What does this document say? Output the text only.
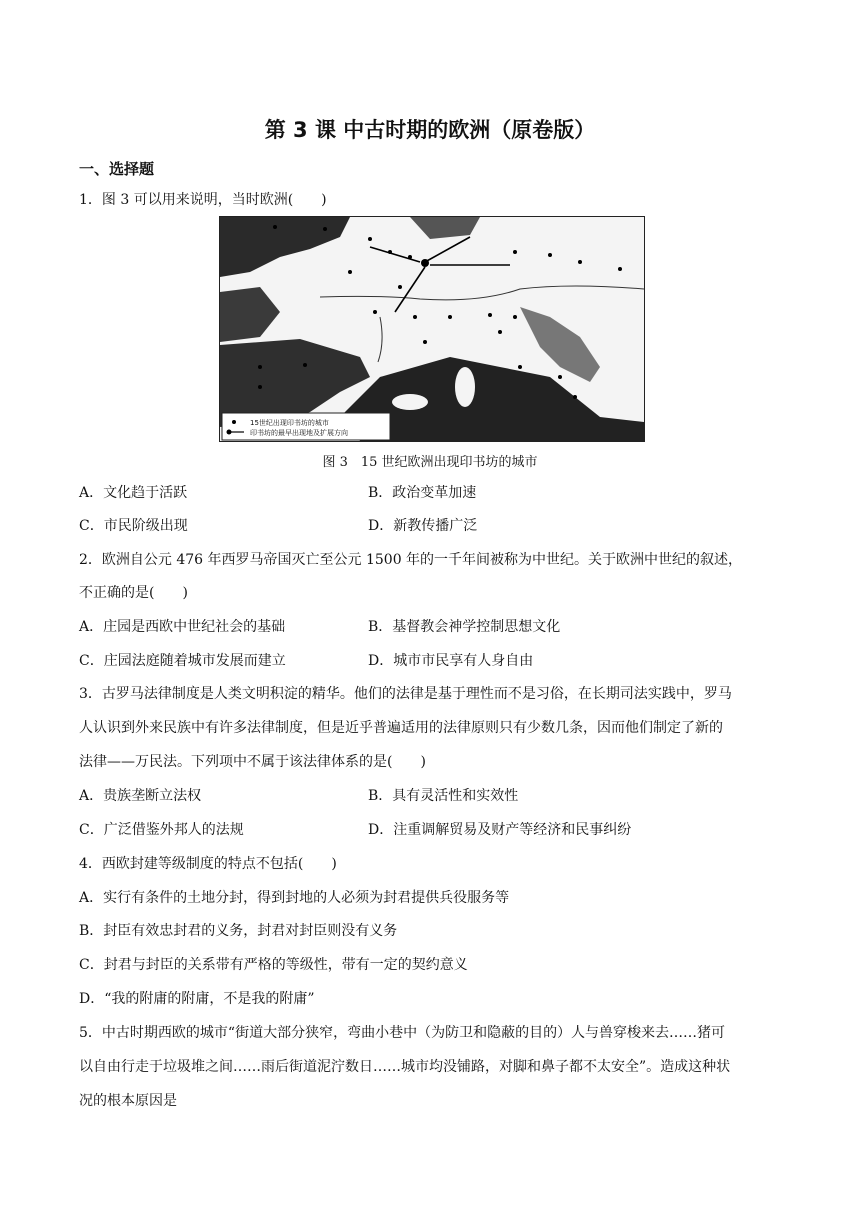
第 3 课 中古时期的欧洲（原卷版）
一、选择题
1．图 3 可以用来说明，当时欧洲(　　)
15世纪出现印书坊的城市
印书坊的最早出现地及扩展方向
图 3　15 世纪欧洲出现印书坊的城市
A．文化趋于活跃	B．政治变革加速
C．市民阶级出现	D．新教传播广泛
2．欧洲自公元 476 年西罗马帝国灭亡至公元 1500 年的一千年间被称为中世纪。关于欧洲中世纪的叙述，
不正确的是(　　)
A．庄园是西欧中世纪社会的基础	B．基督教会神学控制思想文化
C．庄园法庭随着城市发展而建立	D．城市市民享有人身自由
3．古罗马法律制度是人类文明积淀的精华。他们的法律是基于理性而不是习俗，在长期司法实践中，罗马
人认识到外来民族中有许多法律制度，但是近乎普遍适用的法律原则只有少数几条，因而他们制定了新的
法律——万民法。下列项中不属于该法律体系的是(　　)
A．贵族垄断立法权	B．具有灵活性和实效性
C．广泛借鉴外邦人的法规	D．注重调解贸易及财产等经济和民事纠纷
4．西欧封建等级制度的特点不包括(　　)
A．实行有条件的土地分封，得到封地的人必须为封君提供兵役服务等
B．封臣有效忠封君的义务，封君对封臣则没有义务
C．封君与封臣的关系带有严格的等级性，带有一定的契约意义
D．“我的附庸的附庸，不是我的附庸”
5．中古时期西欧的城市“街道大部分狭窄，弯曲小巷中（为防卫和隐蔽的目的）人与兽穿梭来去……猪可
以自由行走于垃圾堆之间……雨后街道泥泞数日……城市均没铺路，对脚和鼻子都不太安全”。造成这种状
况的根本原因是
